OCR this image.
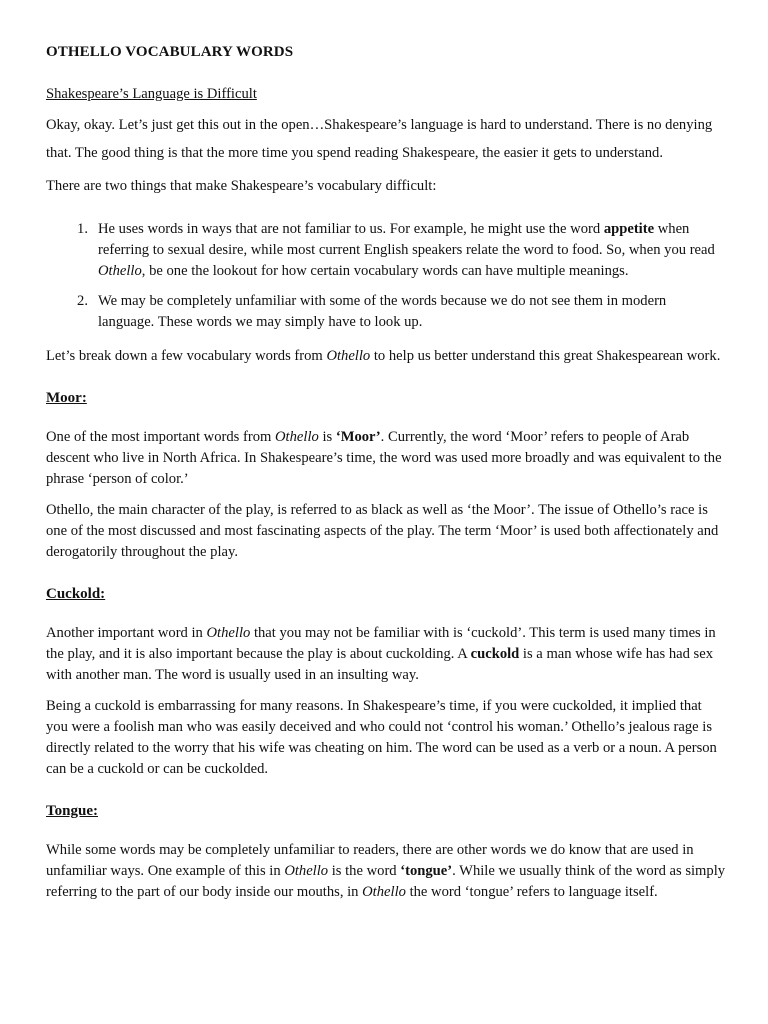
OTHELLO VOCABULARY WORDS
Shakespeare’s Language is Difficult

Okay, okay. Let’s just get this out in the open…Shakespeare’s language is hard to understand. There is no denying that. The good thing is that the more time you spend reading Shakespeare, the easier it gets to understand.

There are two things that make Shakespeare’s vocabulary difficult:

1. He uses words in ways that are not familiar to us. For example, he might use the word appetite when referring to sexual desire, while most current English speakers relate the word to food. So, when you read Othello, be one the lookout for how certain vocabulary words can have multiple meanings.
2. We may be completely unfamiliar with some of the words because we do not see them in modern language. These words we may simply have to look up.

Let’s break down a few vocabulary words from Othello to help us better understand this great Shakespearean work.

Moor:

One of the most important words from Othello is ‘Moor’. Currently, the word ‘Moor’ refers to people of Arab descent who live in North Africa. In Shakespeare’s time, the word was used more broadly and was equivalent to the phrase ‘person of color.’

Othello, the main character of the play, is referred to as black as well as ‘the Moor’. The issue of Othello’s race is one of the most discussed and most fascinating aspects of the play. The term ‘Moor’ is used both affectionately and derogatorily throughout the play.

Cuckold:

Another important word in Othello that you may not be familiar with is ‘cuckold’. This term is used many times in the play, and it is also important because the play is about cuckolding. A cuckold is a man whose wife has had sex with another man. The word is usually used in an insulting way.

Being a cuckold is embarrassing for many reasons. In Shakespeare’s time, if you were cuckolded, it implied that you were a foolish man who was easily deceived and who could not ‘control his woman.’ Othello’s jealous rage is directly related to the worry that his wife was cheating on him. The word can be used as a verb or a noun. A person can be a cuckold or can be cuckolded.

Tongue:

While some words may be completely unfamiliar to readers, there are other words we do know that are used in unfamiliar ways. One example of this in Othello is the word ‘tongue’. While we usually think of the word as simply referring to the part of our body inside our mouths, in Othello the word ‘tongue’ refers to language itself.
